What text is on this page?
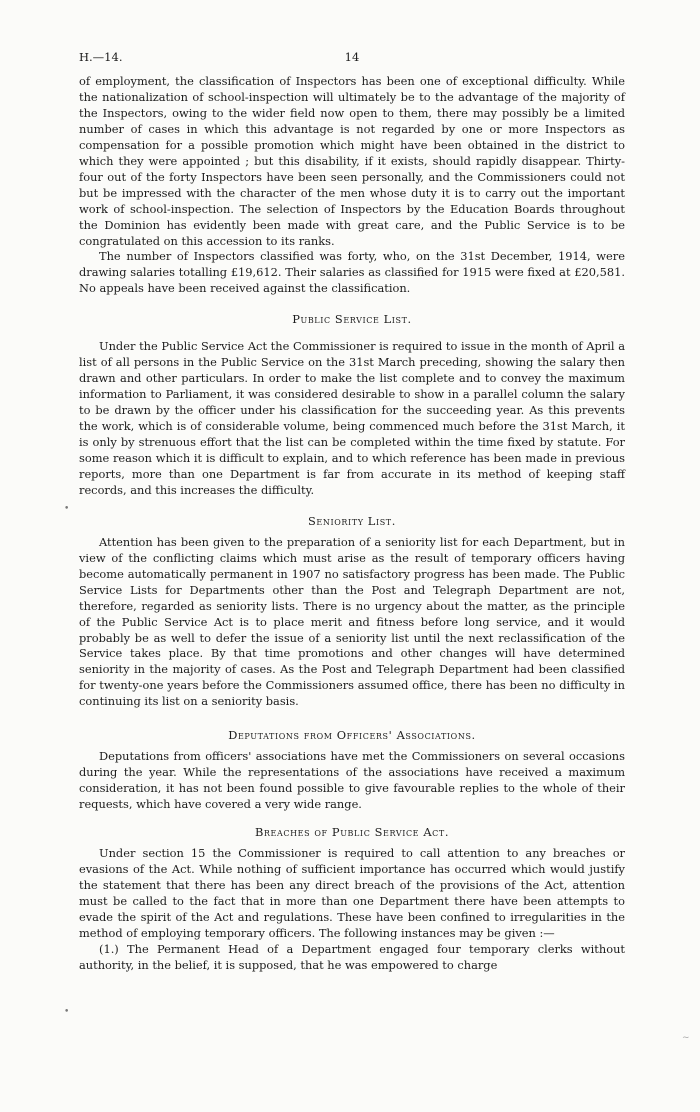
H.—14.	14
•
•
~

of employment, the classification of Inspectors has been one of exceptional difficulty. While the nationalization of school-inspection will ultimately be to the advantage of the majority of the Inspectors, owing to the wider field now open to them, there may possibly be a limited number of cases in which this advantage is not regarded by one or more Inspectors as compensation for a possible promotion which might have been obtained in the district to which they were appointed ; but this disability, if it exists, should rapidly disappear. Thirty-four out of the forty Inspectors have been seen personally, and the Commissioners could not but be impressed with the character of the men whose duty it is to carry out the important work of school-inspection. The selection of Inspectors by the Education Boards throughout the Dominion has evidently been made with great care, and the Public Service is to be congratulated on this accession to its ranks.

The number of Inspectors classified was forty, who, on the 31st December, 1914, were drawing salaries totalling £19,612. Their salaries as classified for 1915 were fixed at £20,581. No appeals have been received against the classification.

Public Service List.

Under the Public Service Act the Commissioner is required to issue in the month of April a list of all persons in the Public Service on the 31st March preceding, showing the salary then drawn and other particulars. In order to make the list complete and to convey the maximum information to Parliament, it was considered desirable to show in a parallel column the salary to be drawn by the officer under his classification for the succeeding year. As this prevents the work, which is of considerable volume, being commenced much before the 31st March, it is only by strenuous effort that the list can be completed within the time fixed by statute. For some reason which it is difficult to explain, and to which reference has been made in previous reports, more than one Department is far from accurate in its method of keeping staff records, and this increases the difficulty.

Seniority List.

Attention has been given to the preparation of a seniority list for each Department, but in view of the conflicting claims which must arise as the result of temporary officers having become automatically permanent in 1907 no satisfactory progress has been made. The Public Service Lists for Departments other than the Post and Telegraph Department are not, therefore, regarded as seniority lists. There is no urgency about the matter, as the principle of the Public Service Act is to place merit and fitness before long service, and it would probably be as well to defer the issue of a seniority list until the next reclassification of the Service takes place. By that time promotions and other changes will have determined seniority in the majority of cases. As the Post and Telegraph Department had been classified for twenty-one years before the Commissioners assumed office, there has been no difficulty in continuing its list on a seniority basis.

Deputations from Officers' Associations.

Deputations from officers' associations have met the Commissioners on several occasions during the year. While the representations of the associations have received a maximum consideration, it has not been found possible to give favourable replies to the whole of their requests, which have covered a very wide range.

Breaches of Public Service Act.

Under section 15 the Commissioner is required to call attention to any breaches or evasions of the Act. While nothing of sufficient importance has occurred which would justify the statement that there has been any direct breach of the provisions of the Act, attention must be called to the fact that in more than one Department there have been attempts to evade the spirit of the Act and regulations. These have been confined to irregularities in the method of employing temporary officers. The following instances may be given :—

(1.) The Permanent Head of a Department engaged four temporary clerks without authority, in the belief, it is supposed, that he was empowered to charge
